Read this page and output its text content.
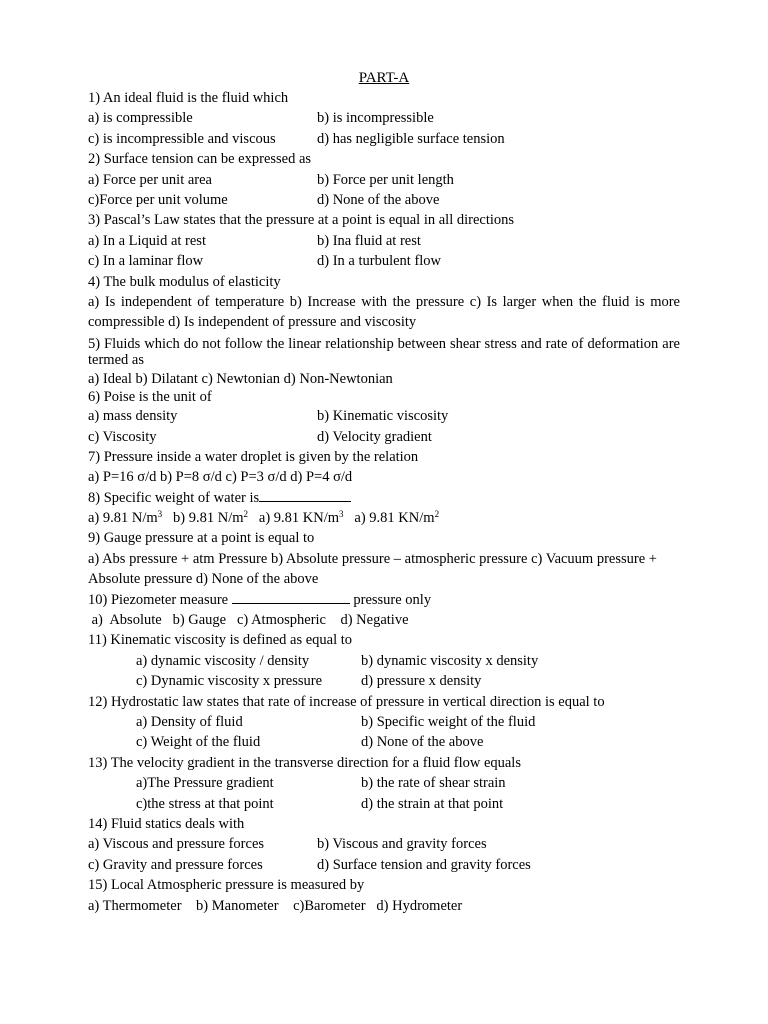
PART-A
1) An ideal fluid is the fluid which
a) is compressible	b) is incompressible
c) is incompressible and viscous	d) has negligible surface tension
2) Surface tension can be expressed as
a) Force per unit area	b) Force per unit length
c)Force per unit volume	d) None of the above
3) Pascal’s Law states that the pressure at a point is equal in all directions
a) In a Liquid at rest	b) Ina fluid at rest
c) In a laminar flow	d) In a turbulent flow
4) The bulk modulus of elasticity
a) Is independent of temperature b) Increase with the pressure c) Is larger when the fluid is more compressible d) Is independent of pressure and viscosity
5) Fluids which do not follow the linear relationship between shear stress and rate of deformation are termed as
a) Ideal b) Dilatant c) Newtonian d) Non-Newtonian
6) Poise is the unit of
a) mass density	b) Kinematic viscosity
c) Viscosity	d) Velocity gradient
7) Pressure inside a water droplet is given by the relation
a) P=16 σ/d b) P=8 σ/d c) P=3 σ/d d) P=4 σ/d
8) Specific weight of water is
a) 9.81 $N/m^3$ b) 9.81 $N/m^2$ a) 9.81 $KN/m^3$ a) 9.81 $KN/m^2$
9) Gauge pressure at a point is equal to
a) Abs pressure + atm Pressure b) Absolute pressure – atmospheric pressure c) Vacuum pressure + Absolute pressure d) None of the above
10) Piezometer measure	pressure only
a)  Absolute   b) Gauge   c) Atmospheric    d) Negative
11) Kinematic viscosity is defined as equal to
a) dynamic viscosity / density	b) dynamic viscosity x density
c) Dynamic viscosity x pressure	d) pressure x density
12) Hydrostatic law states that rate of increase of pressure in vertical direction is equal to
a) Density of fluid	b) Specific weight of the fluid
c) Weight of the fluid	d) None of the above
13) The velocity gradient in the transverse direction for a fluid flow equals
a)The Pressure gradient	b) the rate of shear strain
c)the stress at that point	d) the strain at that point
14) Fluid statics deals with
a) Viscous and pressure forces	b) Viscous and gravity forces
c) Gravity and pressure forces	d) Surface tension and gravity forces
15) Local Atmospheric pressure is measured by
a) Thermometer    b) Manometer    c)Barometer   d) Hydrometer
